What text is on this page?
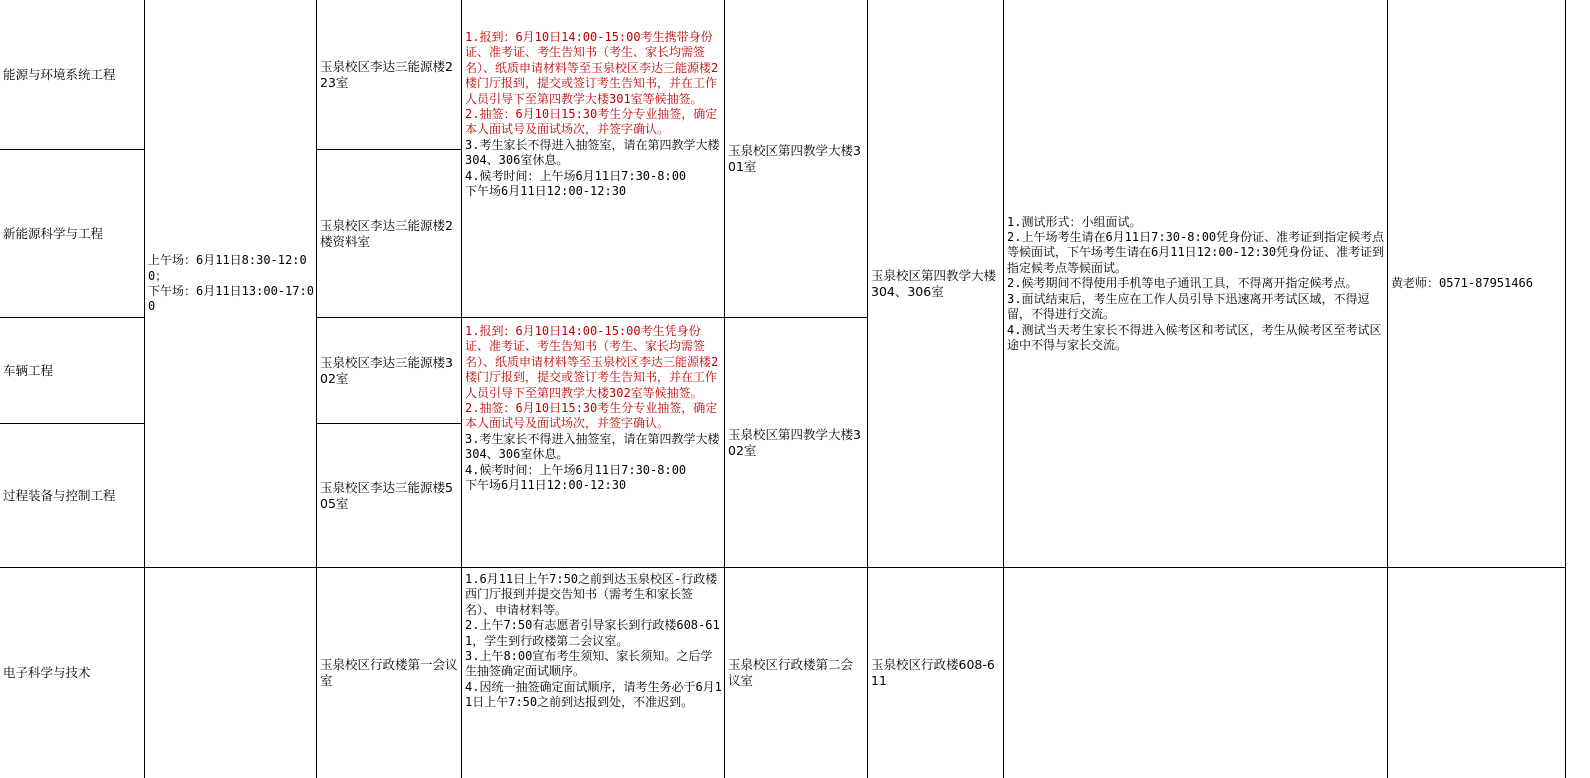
能源与环境系统工程
新能源科学与工程
车辆工程
过程装备与控制工程
电子科学与技术
上午场：6月11日8:30-12:00；
下午场：6月11日13:00-17:00
玉泉校区李达三能源楼223室
玉泉校区李达三能源楼2楼资料室
玉泉校区李达三能源楼302室
玉泉校区李达三能源楼505室
玉泉校区行政楼第一会议室
1.报到：6月10日14:00-15:00考生携带身份证、准考证、考生告知书（考生、家长均需签名）、纸质申请材料等至玉泉校区李达三能源楼2楼门厅报到，提交或签订考生告知书，并在工作人员引导下至第四教学大楼301室等候抽签。
2.抽签：6月10日15:30考生分专业抽签，确定本人面试号及面试场次，并签字确认。
3.考生家长不得进入抽签室，请在第四教学大楼304、306室休息。
4.候考时间：上午场6月11日7:30-8:00
下午场6月11日12:00-12:30
1.报到：6月10日14:00-15:00考生凭身份证、准考证、考生告知书（考生、家长均需签名）、纸质申请材料等至玉泉校区李达三能源楼2楼门厅报到，提交或签订考生告知书，并在工作人员引导下至第四教学大楼302室等候抽签。
2.抽签：6月10日15:30考生分专业抽签，确定本人面试号及面试场次，并签字确认。
3.考生家长不得进入抽签室，请在第四教学大楼304、306室休息。
4.候考时间：上午场6月11日7:30-8:00
下午场6月11日12:00-12:30
1.6月11日上午7:50之前到达玉泉校区-行政楼西门厅报到并提交告知书（需考生和家长签名）、申请材料等。
2.上午7:50有志愿者引导家长到行政楼608-611，学生到行政楼第二会议室。
3.上午8:00宣布考生须知、家长须知。之后学生抽签确定面试顺序。
4.因统一抽签确定面试顺序，请考生务必于6月11日上午7:50之前到达报到处，不准迟到。
玉泉校区第四教学大楼301室
玉泉校区第四教学大楼302室
玉泉校区行政楼第二会议室
玉泉校区第四教学大楼304、306室
玉泉校区行政楼608-611
1.测试形式：小组面试。
2.上午场考生请在6月11日7:30-8:00凭身份证、准考证到指定候考点等候面试，下午场考生请在6月11日12:00-12:30凭身份证、准考证到指定候考点等候面试。
2.候考期间不得使用手机等电子通讯工具，不得离开指定候考点。
3.面试结束后，考生应在工作人员引导下迅速离开考试区域，不得逗留，不得进行交流。
4.测试当天考生家长不得进入候考区和考试区，考生从候考区至考试区途中不得与家长交流。
黄老师：0571-87951466
